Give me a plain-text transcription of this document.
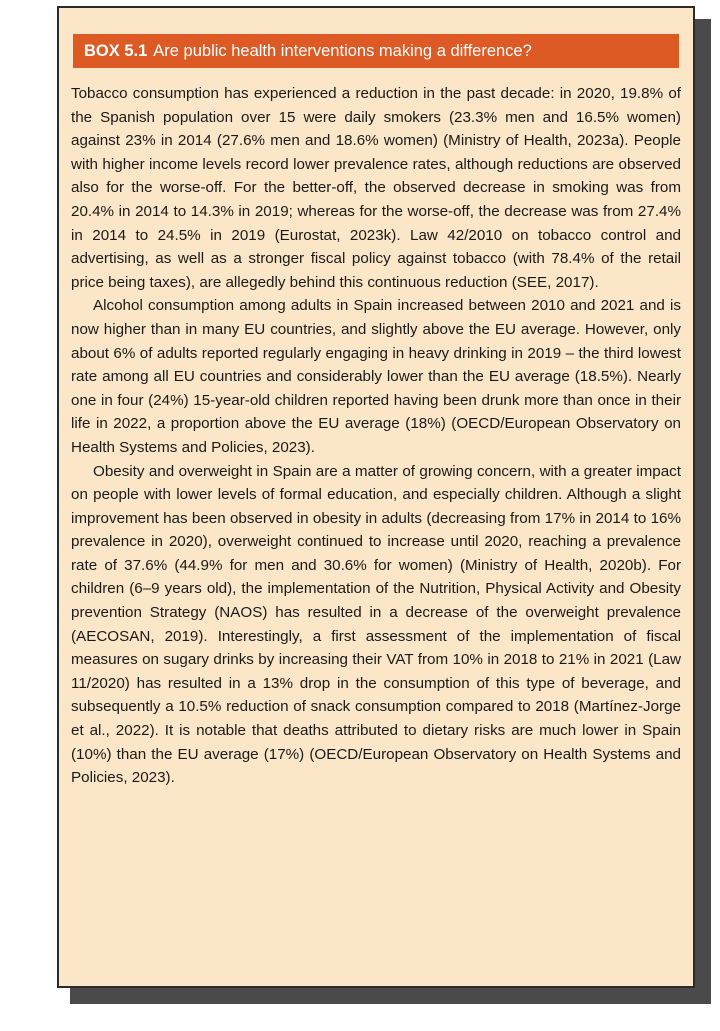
BOX 5.1 Are public health interventions making a difference?

Tobacco consumption has experienced a reduction in the past decade: in 2020, 19.8% of the Spanish population over 15 were daily smokers (23.3% men and 16.5% women) against 23% in 2014 (27.6% men and 18.6% women) (Ministry of Health, 2023a). People with higher income levels record lower prevalence rates, although reductions are observed also for the worse-off. For the better-off, the observed decrease in smoking was from 20.4% in 2014 to 14.3% in 2019; whereas for the worse-off, the decrease was from 27.4% in 2014 to 24.5% in 2019 (Eurostat, 2023k). Law 42/2010 on tobacco control and advertising, as well as a stronger fiscal policy against tobacco (with 78.4% of the retail price being taxes), are allegedly behind this continuous reduction (SEE, 2017).

Alcohol consumption among adults in Spain increased between 2010 and 2021 and is now higher than in many EU countries, and slightly above the EU average. However, only about 6% of adults reported regularly engaging in heavy drinking in 2019 – the third lowest rate among all EU countries and considerably lower than the EU average (18.5%). Nearly one in four (24%) 15-year-old children reported having been drunk more than once in their life in 2022, a proportion above the EU average (18%) (OECD/European Observatory on Health Systems and Policies, 2023).

Obesity and overweight in Spain are a matter of growing concern, with a greater impact on people with lower levels of formal education, and especially children. Although a slight improvement has been observed in obesity in adults (decreasing from 17% in 2014 to 16% prevalence in 2020), overweight continued to increase until 2020, reaching a prevalence rate of 37.6% (44.9% for men and 30.6% for women) (Ministry of Health, 2020b). For children (6–9 years old), the implementation of the Nutrition, Physical Activity and Obesity prevention Strategy (NAOS) has resulted in a decrease of the overweight prevalence (AECOSAN, 2019). Interestingly, a first assessment of the implementation of fiscal measures on sugary drinks by increasing their VAT from 10% in 2018 to 21% in 2021 (Law 11/2020) has resulted in a 13% drop in the consumption of this type of beverage, and subsequently a 10.5% reduction of snack consumption compared to 2018 (Martínez-Jorge et al., 2022). It is notable that deaths attributed to dietary risks are much lower in Spain (10%) than the EU average (17%) (OECD/European Observatory on Health Systems and Policies, 2023).
